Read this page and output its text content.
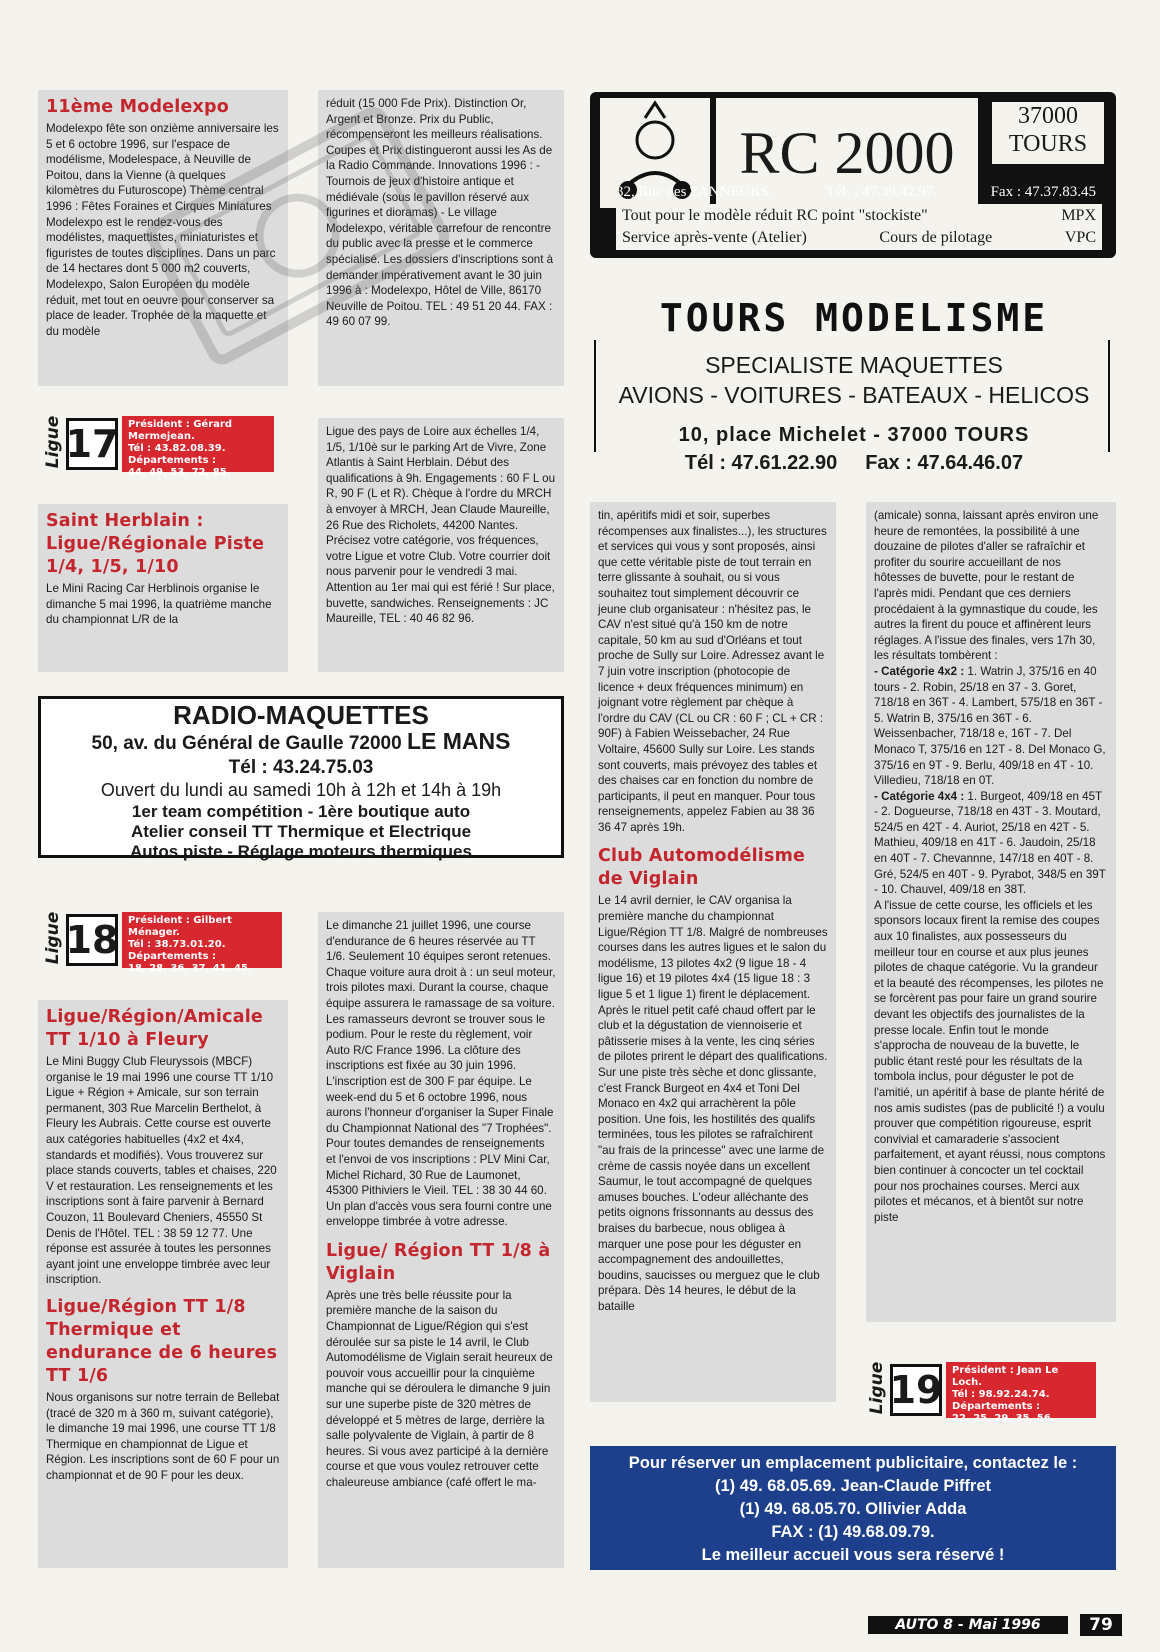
11ème Modelexpo

Modelexpo fête son onzième anniversaire les 5 et 6 octobre 1996, sur l'espace de modélisme, Modelespace, à Neuville de Poitou, dans la Vienne (à quelques kilomètres du Futuroscope) Thème central 1996 : Fêtes Foraines et Cirques Miniatures Modelexpo est le rendez-vous des modélistes, maquettistes, miniaturistes et figuristes de toutes disciplines. Dans un parc de 14 hectares dont 5 000 m2 couverts, Modelexpo, Salon Européen du modèle réduit, met tout en oeuvre pour conserver sa place de leader. Trophée de la maquette et du modèle

réduit (15 000 Fde Prix). Distinction Or, Argent et Bronze. Prix du Public, récompenseront les meilleurs réalisations. Coupes et Prix distingueront aussi les As de la Radio Commande. Innovations 1996 : - Tournois de jeux d'histoire antique et médiévale (sous le pavillon réservé aux figurines et dioramas) - Le village Modelexpo, véritable carrefour de rencontre du public avec la presse et le commerce spécialisé. Les dossiers d'inscriptions sont à demander impérativement avant le 30 juin 1996 à : Modelexpo, Hôtel de Ville, 86170 Neuville de Poitou. TEL : 49 51 20 44. FAX : 49 60 07 99.

Ligue 17 Président : Gérard Mermejean.
Tél : 43.82.08.39.
Départements :
44, 49, 53, 72, 85.
Saint Herblain : Ligue/Régionale Piste 1/4, 1/5, 1/10

Le Mini Racing Car Herblinois organise le dimanche 5 mai 1996, la quatrième manche du championnat L/R de la

Ligue des pays de Loire aux échelles 1/4, 1/5, 1/10è sur le parking Art de Vivre, Zone Atlantis à Saint Herblain. Début des qualifications à 9h. Engagements : 60 F L ou R, 90 F (L et R). Chèque à l'ordre du MRCH à envoyer à MRCH, Jean Claude Maureille, 26 Rue des Richolets, 44200 Nantes. Précisez votre catégorie, vos fréquences, votre Ligue et votre Club. Votre courrier doit nous parvenir pour le vendredi 3 mai. Attention au 1er mai qui est férié ! Sur place, buvette, sandwiches. Renseignements : JC Maureille, TEL : 40 46 82 96.

RC 2000
37000
TOURS
32, Rue des TANNEURS.	TéL : 47.39.42.97.	Fax : 47.37.83.45
Tout pour le modèle réduit RC point "stockiste"	MPX
Service après-vente (Atelier)	Cours de pilotage	VPC
TOURS MODELISME
SPECIALISTE MAQUETTES
AVIONS - VOITURES - BATEAUX - HELICOS
10, place Michelet - 37000 TOURS
Tél : 47.61.22.90 Fax : 47.64.46.07

RADIO-MAQUETTES

50, av. du Général de Gaulle 72000 LE MANS

Tél : 43.24.75.03

Ouvert du lundi au samedi 10h à 12h et 14h à 19h

1er team compétition - 1ère boutique auto

Atelier conseil TT Thermique et Electrique

Autos piste - Réglage moteurs thermiques

Ligue 18 Président : Gilbert Ménager.
Tél : 38.73.01.20.
Départements :
18, 28, 36, 37, 41, 45.
Ligue/Région/Amicale TT 1/10 à Fleury

Le Mini Buggy Club Fleuryssois (MBCF) organise le 19 mai 1996 une course TT 1/10 Ligue + Région + Amicale, sur son terrain permanent, 303 Rue Marcelin Berthelot, à Fleury les Aubrais. Cette course est ouverte aux catégories habituelles (4x2 et 4x4, standards et modifiés). Vous trouverez sur place stands couverts, tables et chaises, 220 V et restauration. Les renseignements et les inscriptions sont à faire parvenir à Bernard Couzon, 11 Boulevard Cheniers, 45550 St Denis de l'Hôtel. TEL : 38 59 12 77. Une réponse est assurée à toutes les personnes ayant joint une enveloppe timbrée avec leur inscription.

Ligue/Région TT 1/8 Thermique et endurance de 6 heures TT 1/6

Nous organisons sur notre terrain de Bellebat (tracé de 320 m à 360 m, suivant catégorie), le dimanche 19 mai 1996, une course TT 1/8 Thermique en championnat de Ligue et Région. Les inscriptions sont de 60 F pour un championnat et de 90 F pour les deux.

Le dimanche 21 juillet 1996, une course d'endurance de 6 heures réservée au TT 1/6. Seulement 10 équipes seront retenues. Chaque voiture aura droit à : un seul moteur, trois pilotes maxi. Durant la course, chaque équipe assurera le ramassage de sa voiture. Les ramasseurs devront se trouver sous le podium. Pour le reste du règlement, voir Auto R/C France 1996. La clôture des inscriptions est fixée au 30 juin 1996. L'inscription est de 300 F par équipe. Le week-end du 5 et 6 octobre 1996, nous aurons l'honneur d'organiser la Super Finale du Championnat National des "7 Trophées". Pour toutes demandes de renseignements et l'envoi de vos inscriptions : PLV Mini Car, Michel Richard, 30 Rue de Laumonet, 45300 Pithiviers le Vieil. TEL : 38 30 44 60. Un plan d'accès vous sera fourni contre une enveloppe timbrée à votre adresse.

Ligue/ Région TT 1/8 à Viglain

Après une très belle réussite pour la première manche de la saison du Championnat de Ligue/Région qui s'est déroulée sur sa piste le 14 avril, le Club Automodélisme de Viglain serait heureux de pouvoir vous accueillir pour la cinquième manche qui se déroulera le dimanche 9 juin sur une superbe piste de 320 mètres de développé et 5 mètres de large, derrière la salle polyvalente de Viglain, à partir de 8 heures. Si vous avez participé à la dernière course et que vous voulez retrouver cette chaleureuse ambiance (café offert le ma-

tin, apéritifs midi et soir, superbes récompenses aux finalistes...), les structures et services qui vous y sont proposés, ainsi que cette véritable piste de tout terrain en terre glissante à souhait, ou si vous souhaitez tout simplement découvrir ce jeune club organisateur : n'hésitez pas, le CAV n'est situé qu'à 150 km de notre capitale, 50 km au sud d'Orléans et tout proche de Sully sur Loire. Adressez avant le 7 juin votre inscription (photocopie de licence + deux fréquences minimum) en joignant votre règlement par chèque à l'ordre du CAV (CL ou CR : 60 F ; CL + CR : 90F) à Fabien Weissebacher, 24 Rue Voltaire, 45600 Sully sur Loire. Les stands sont couverts, mais prévoyez des tables et des chaises car en fonction du nombre de participants, il peut en manquer. Pour tous renseignements, appelez Fabien au 38 36 36 47 après 19h.

Club Automodélisme de Viglain

Le 14 avril dernier, le CAV organisa la première manche du championnat Ligue/Région TT 1/8. Malgré de nombreuses courses dans les autres ligues et le salon du modélisme, 13 pilotes 4x2 (9 ligue 18 - 4 ligue 16) et 19 pilotes 4x4 (15 ligue 18 : 3 ligue 5 et 1 ligue 1) firent le déplacement. Après le rituel petit café chaud offert par le club et la dégustation de viennoiserie et pâtisserie mises à la vente, les cinq séries de pilotes prirent le départ des qualifications. Sur une piste très sèche et donc glissante, c'est Franck Burgeot en 4x4 et Toni Del Monaco en 4x2 qui arrachèrent la pôle position. Une fois, les hostilités des qualifs terminées, tous les pilotes se rafraîchirent "au frais de la princesse" avec une larme de crème de cassis noyée dans un excellent Saumur, le tout accompagné de quelques amuses bouches. L'odeur alléchante des petits oignons frissonnants au dessus des braises du barbecue, nous obligea à marquer une pose pour les déguster en accompagnement des andouillettes, boudins, saucisses ou merguez que le club prépara. Dès 14 heures, le début de la bataille

(amicale) sonna, laissant après environ une heure de remontées, la possibilité à une douzaine de pilotes d'aller se rafraîchir et profiter du sourire accueillant de nos hôtesses de buvette, pour le restant de l'après midi. Pendant que ces derniers procédaient à la gymnastique du coude, les autres la firent du pouce et affinèrent leurs réglages. A l'issue des finales, vers 17h 30, les résultats tombèrent :

- Catégorie 4x2 : 1. Watrin J, 375/16 en 40 tours - 2. Robin, 25/18 en 37 - 3. Goret, 718/18 en 36T - 4. Lambert, 575/18 en 36T - 5. Watrin B, 375/16 en 36T - 6. Weissenbacher, 718/18 e, 16T - 7. Del Monaco T, 375/16 en 12T - 8. Del Monaco G, 375/16 en 9T - 9. Berlu, 409/18 en 4T - 10. Villedieu, 718/18 en 0T.

- Catégorie 4x4 : 1. Burgeot, 409/18 en 45T - 2. Dogueurse, 718/18 en 43T - 3. Moutard, 524/5 en 42T - 4. Auriot, 25/18 en 42T - 5. Mathieu, 409/18 en 41T - 6. Jaudoin, 25/18 en 40T - 7. Chevannne, 147/18 en 40T - 8. Gré, 524/5 en 40T - 9. Pyrabot, 348/5 en 39T - 10. Chauvel, 409/18 en 38T.

A l'issue de cette course, les officiels et les sponsors locaux firent la remise des coupes aux 10 finalistes, aux possesseurs du meilleur tour en course et aux plus jeunes pilotes de chaque catégorie. Vu la grandeur et la beauté des récompenses, les pilotes ne se forcèrent pas pour faire un grand sourire devant les objectifs des journalistes de la presse locale. Enfin tout le monde s'approcha de nouveau de la buvette, le public étant resté pour les résultats de la tombola inclus, pour déguster le pot de l'amitié, un apéritif à base de plante hérité de nos amis sudistes (pas de publicité !) a voulu prouver que compétition rigoureuse, esprit convivial et camaraderie s'associent parfaitement, et ayant réussi, nous comptons bien continuer à concocter un tel cocktail pour nos prochaines courses. Merci aux pilotes et mécanos, et à bientôt sur notre piste

Ligue 19 Président : Jean Le Loch.
Tél : 98.92.24.74.
Départements :
22, 25, 29, 35, 56.
Pour réserver un emplacement publicitaire, contactez le :
(1) 49. 68.05.69. Jean-Claude Piffret
(1) 49. 68.05.70. Ollivier Adda
FAX : (1) 49.68.09.79.
Le meilleur accueil vous sera réservé !
AUTO 8 - Mai 1996	79
